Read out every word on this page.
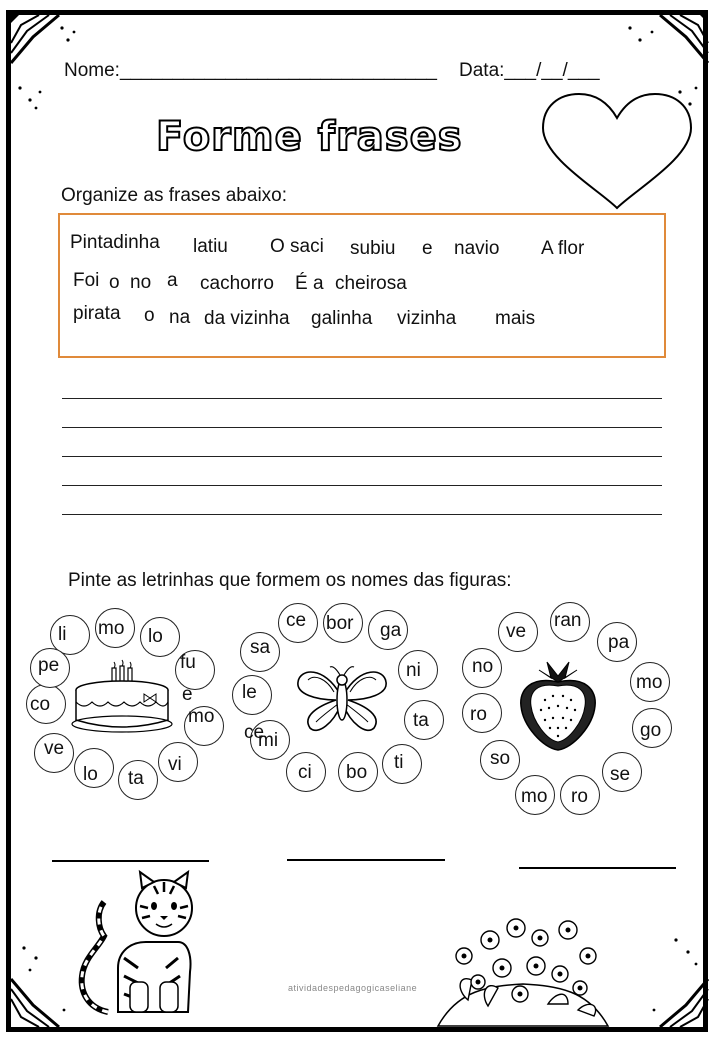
Nome:______________________________ Data:___/__/___
Forme frases
Organize as frases abaixo:
Pintadinha latiu O saci subiu e navio A flor
Foi o no a cachorro É a cheirosa
pirata o na da vizinha galinha vizinha mais
Pinte as letrinhas que formem os nomes das figuras:
li mo lo
fu
e
mo
vi
ta
lo
ve
co
pe
ce bor ga
ni
ta
ti
bo
ci
mi
ce
le
sa
ve
ran
pa
mo
go
se
ro
mo
so
ro
no
atividadespedagogicaseliane
